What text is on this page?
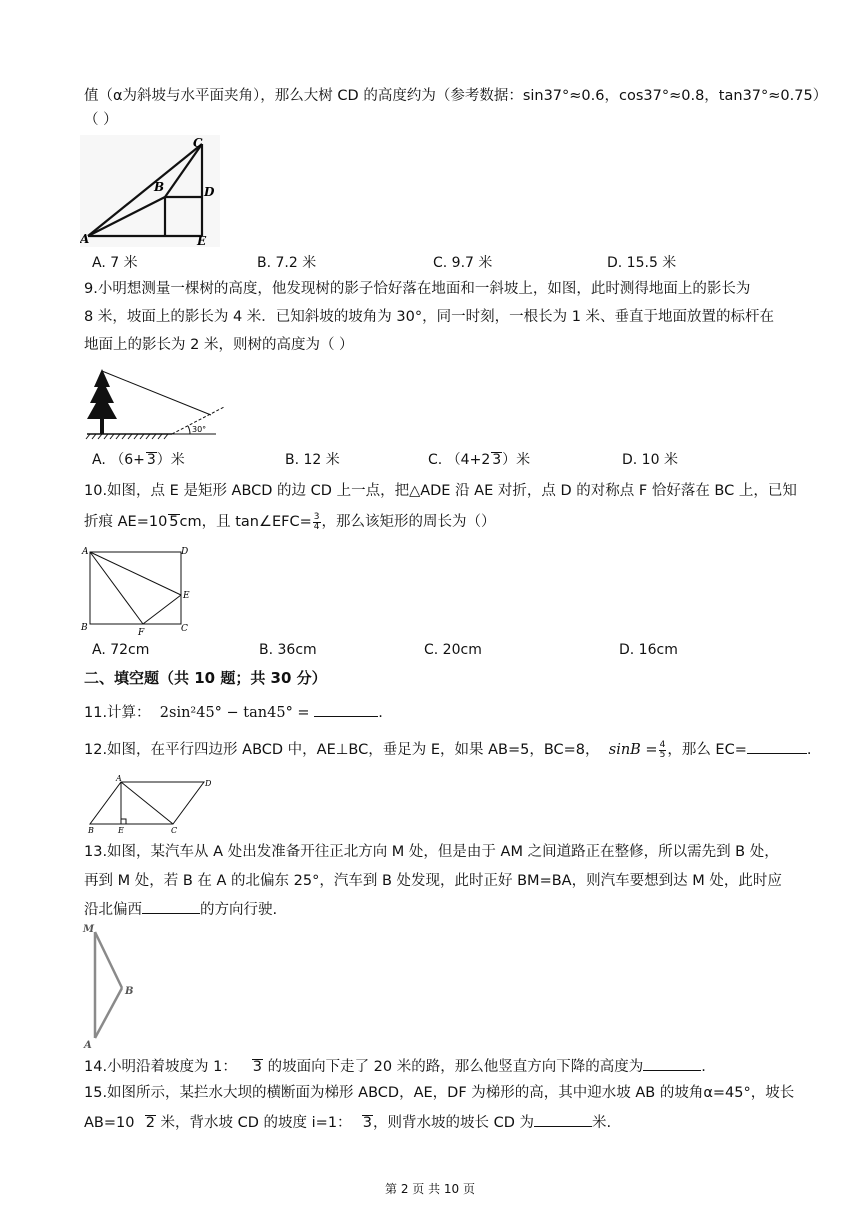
值（α为斜坡与水平面夹角），那么大树 CD 的高度约为（参考数据：sin37°≈0.6，cos37°≈0.8，tan37°≈0.75）
（ ）
C
B	D
A	E
A. 7 米	B. 7.2 米	C. 9.7 米	D. 15.5 米
9.小明想测量一棵树的高度，他发现树的影子恰好落在地面和一斜坡上，如图，此时测得地面上的影长为
8 米，坡面上的影长为 4 米．已知斜坡的坡角为 30°，同一时刻，一根长为 1 米、垂直于地面放置的标杆在
地面上的影长为 2 米，则树的高度为（ ）
30°
A. （6+ 3）米	B. 12 米	C. （4+2 3）米	D. 10 米
10.如图，点 E 是矩形 ABCD 的边 CD 上一点，把△ADE 沿 AE 对折，点 D 的对称点 F 恰好落在 BC 上，已知
折痕 AE=10 5cm，且 tan∠EFC= $\frac{3}{4}$ ，那么该矩形的周长为（）
A	D
E
B	F	C
A. 72cm	B. 36cm	C. 20cm	D. 16cm
二、填空题（共 10 题；共 30 分）
11.计算： 2sin²45° − tan45° =	.
12.如图，在平行四边形 ABCD 中，AE⊥BC，垂足为 E，如果 AB=5，BC=8， $\sin B = \frac{4}{5}$ ，那么 EC=	.
A
D
B	E	C
13.如图，某汽车从 A 处出发准备开往正北方向 M 处，但是由于 AM 之间道路正在整修，所以需先到 B 处，
再到 M 处，若 B 在 A 的北偏东 25°，汽车到 B 处发现，此时正好 BM=BA，则汽车要想到达 M 处，此时应
沿北偏西	的方向行驶.
M
B
A
14.小明沿着坡度为 1： 3 的坡面向下走了 20 米的路，那么他竖直方向下降的高度为	.
15.如图所示，某拦水大坝的横断面为梯形 ABCD，AE，DF 为梯形的高，其中迎水坡 AB 的坡角α=45°，坡长
AB=10  2 米，背水坡 CD 的坡度 i=1： 3，则背水坡的坡长 CD 为	米.
第 2 页 共 10 页
